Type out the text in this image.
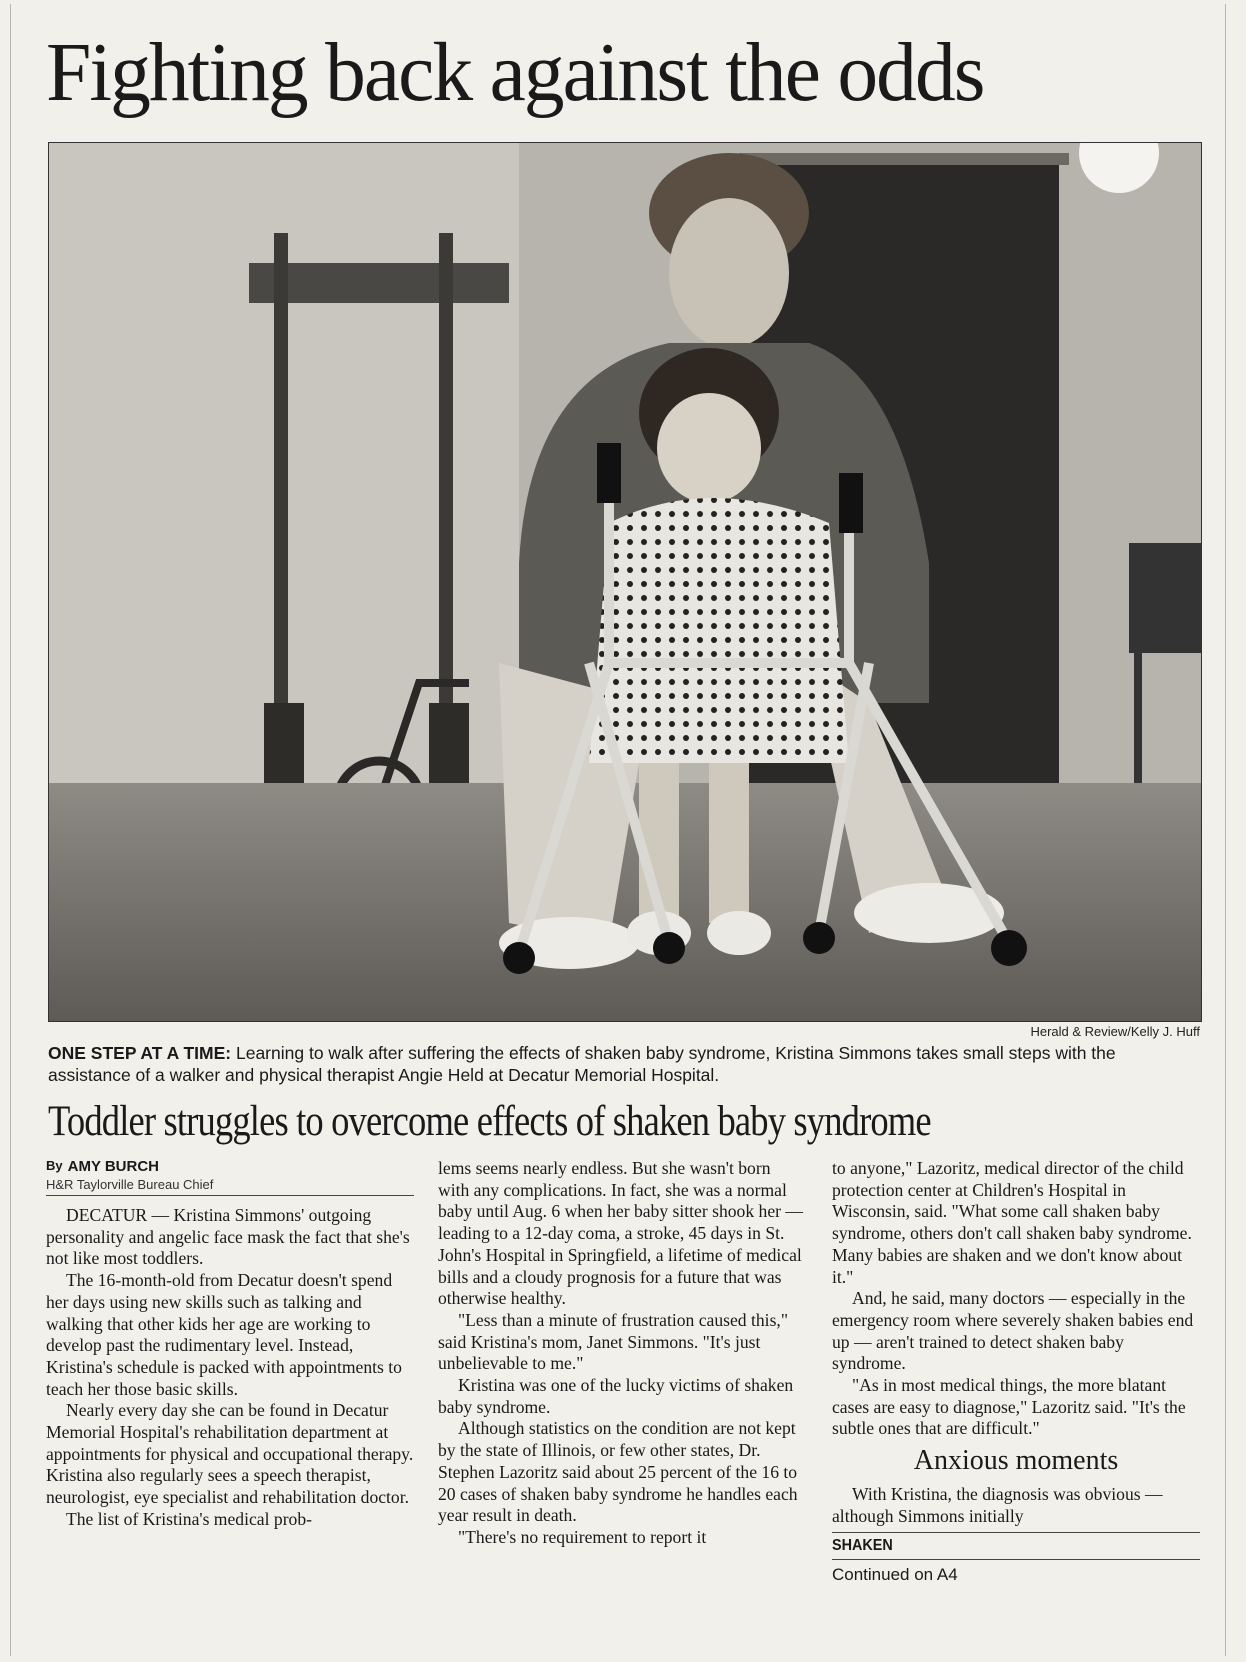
Fighting back against the odds
Herald & Review/Kelly J. Huff
ONE STEP AT A TIME: Learning to walk after suffering the effects of shaken baby syndrome, Kristina Simmons takes small steps with the assistance of a walker and physical therapist Angie Held at Decatur Memorial Hospital.
Toddler struggles to overcome effects of shaken baby syndrome
By AMY BURCH
H&R Taylorville Bureau Chief

DECATUR — Kristina Simmons' outgoing personality and angelic face mask the fact that she's not like most toddlers.

The 16-month-old from Decatur doesn't spend her days using new skills such as talking and walking that other kids her age are working to develop past the rudimentary level. Instead, Kristina's schedule is packed with appointments to teach her those basic skills.

Nearly every day she can be found in Decatur Memorial Hospital's rehabilitation department at appointments for physical and occupational therapy. Kristina also regularly sees a speech therapist, neurologist, eye specialist and rehabilitation doctor.

The list of Kristina's medical prob-

lems seems nearly endless. But she wasn't born with any complications. In fact, she was a normal baby until Aug. 6 when her baby sitter shook her — leading to a 12-day coma, a stroke, 45 days in St. John's Hospital in Springfield, a lifetime of medical bills and a cloudy prognosis for a future that was otherwise healthy.

"Less than a minute of frustration caused this," said Kristina's mom, Janet Simmons. "It's just unbelievable to me."

Kristina was one of the lucky victims of shaken baby syndrome.

Although statistics on the condition are not kept by the state of Illinois, or few other states, Dr. Stephen Lazoritz said about 25 percent of the 16 to 20 cases of shaken baby syndrome he handles each year result in death.

"There's no requirement to report it

to anyone," Lazoritz, medical director of the child protection center at Children's Hospital in Wisconsin, said. "What some call shaken baby syndrome, others don't call shaken baby syndrome. Many babies are shaken and we don't know about it."

And, he said, many doctors — especially in the emergency room where severely shaken babies end up — aren't trained to detect shaken baby syndrome.

"As in most medical things, the more blatant cases are easy to diagnose," Lazoritz said. "It's the subtle ones that are difficult."

Anxious moments

With Kristina, the diagnosis was obvious — although Simmons initially

SHAKEN
Continued on A4
